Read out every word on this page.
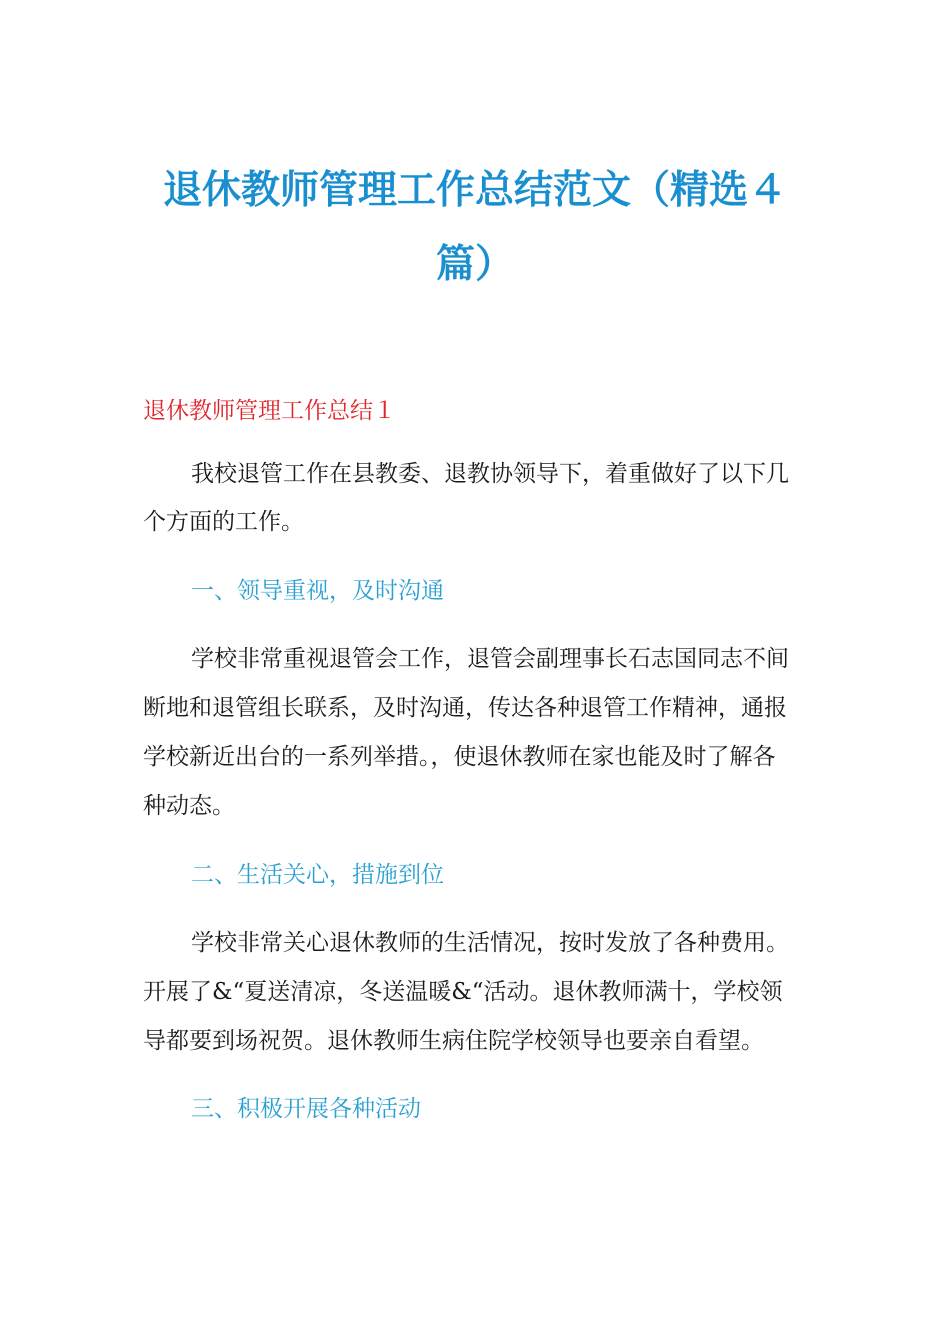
退休教师管理工作总结范文（精选４
篇）
退休教师管理工作总结１
我校退管工作在县教委、退教协领导下，着重做好了以下几
个方面的工作。
一、领导重视，及时沟通
学校非常重视退管会工作，退管会副理事长石志国同志不间
断地和退管组长联系，及时沟通，传达各种退管工作精神，通报
学校新近出台的一系列举措。，使退休教师在家也能及时了解各
种动态。
二、生活关心，措施到位
学校非常关心退休教师的生活情况，按时发放了各种费用。
开展了&“夏送清凉，冬送温暖&“活动。退休教师满十，学校领
导都要到场祝贺。退休教师生病住院学校领导也要亲自看望。
三、积极开展各种活动
